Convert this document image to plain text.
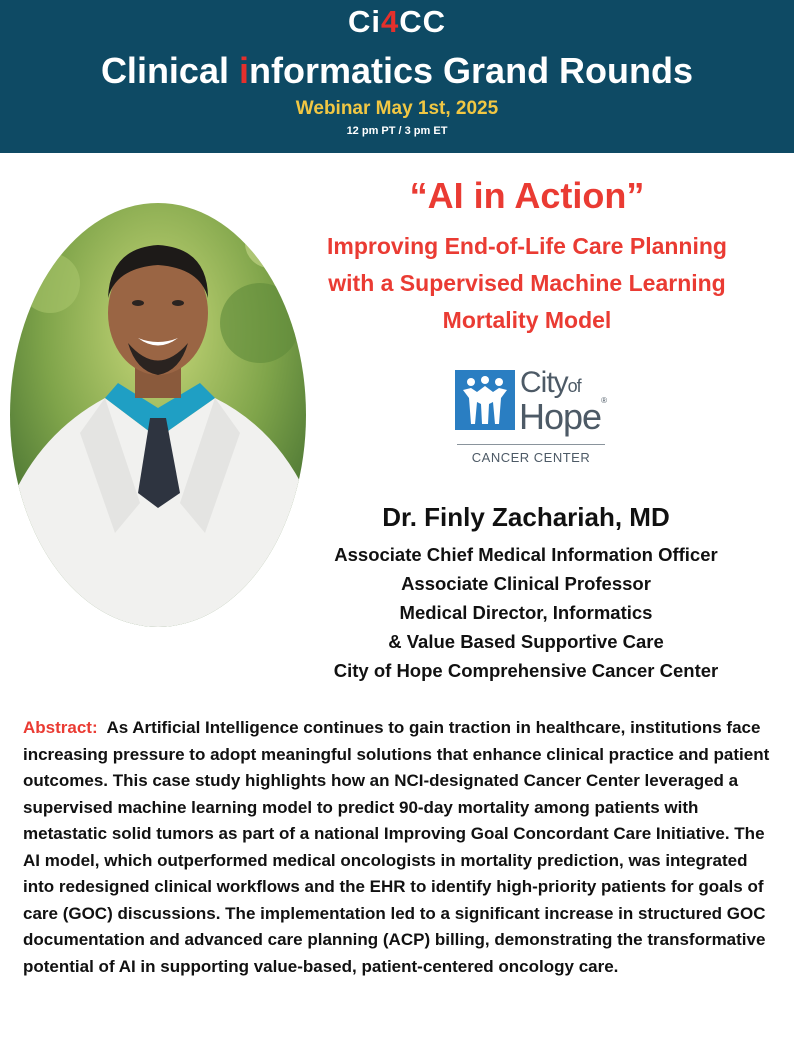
Ci4CC
Clinical informatics Grand Rounds
Webinar May 1st, 2025
12 pm PT / 3 pm ET
“AI in Action”
Improving End-of-Life Care Planning
with a Supervised Machine Learning
Mortality Model
Cityof
Hope®
CANCER CENTER
Dr. Finly Zachariah, MD
Associate Chief Medical Information Officer
Associate Clinical Professor
Medical Director, Informatics
& Value Based Supportive Care
City of Hope Comprehensive Cancer Center
Abstract: As Artificial Intelligence continues to gain traction in healthcare, institutions face increasing pressure to adopt meaningful solutions that enhance clinical practice and patient outcomes. This case study highlights how an NCI-designated Cancer Center leveraged a supervised machine learning model to predict 90-day mortality among patients with metastatic solid tumors as part of a national Improving Goal Concordant Care Initiative. The AI model, which outperformed medical oncologists in mortality prediction, was integrated into redesigned clinical workflows and the EHR to identify high-priority patients for goals of care (GOC) discussions. The implementation led to a significant increase in structured GOC documentation and advanced care planning (ACP) billing, demonstrating the transformative potential of AI in supporting value-based, patient-centered oncology care.
